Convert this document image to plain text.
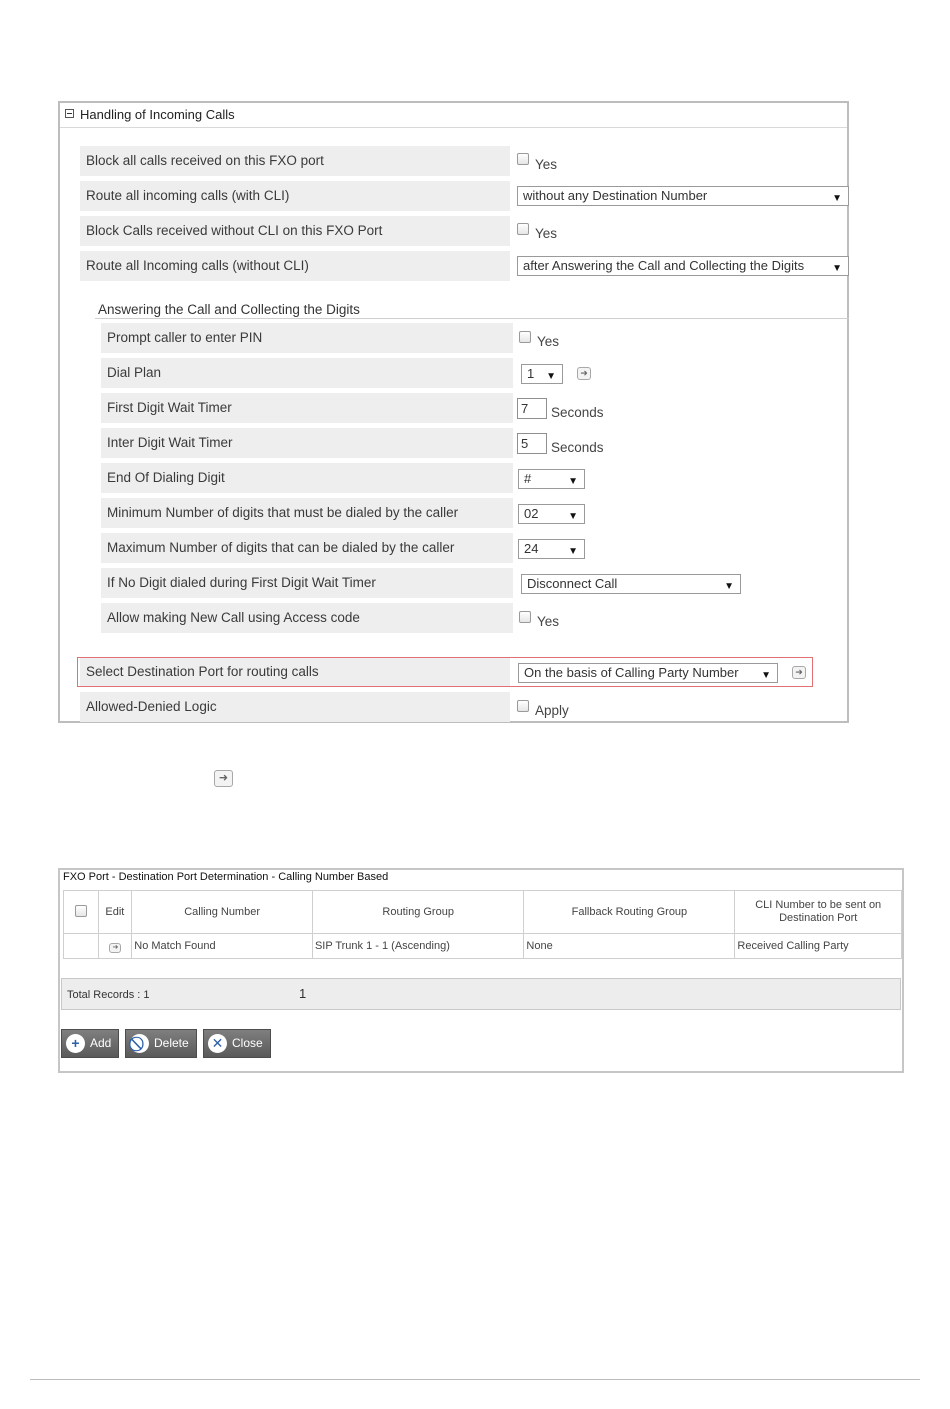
Handling of Incoming Calls
Block all calls received on this FXO port	Yes
Route all incoming calls (with CLI)	without any Destination Number	▼
Block Calls received without CLI on this FXO Port	Yes
Route all Incoming calls (without CLI)	after Answering the Call and Collecting the Digits	▼
Answering the Call and Collecting the Digits
Prompt caller to enter PIN	Yes
Dial Plan	1 ▼	➜
First Digit Wait Timer	7	Seconds
Inter Digit Wait Timer	5	Seconds
End Of Dialing Digit	#	▼
Minimum Number of digits that must be dialed by the caller	02	▼
Maximum Number of digits that can be dialed by the caller	24	▼
If No Digit dialed during First Digit Wait Timer	Disconnect Call	▼
Allow making New Call using Access code	Yes
Select Destination Port for routing calls	On the basis of Calling Party Number ▼	➜
Allowed-Denied Logic	Apply
➜
FXO Port - Destination Port Determination - Calling Number Based
	Edit	Calling Number	Routing Group	Fallback Routing Group	CLI Number to be sent on Destination Port
	➜	No Match Found	SIP Trunk 1 - 1 (Ascending)	None	Received Calling Party
Total Records : 1	1
+ Add	Delete ✕ Close
